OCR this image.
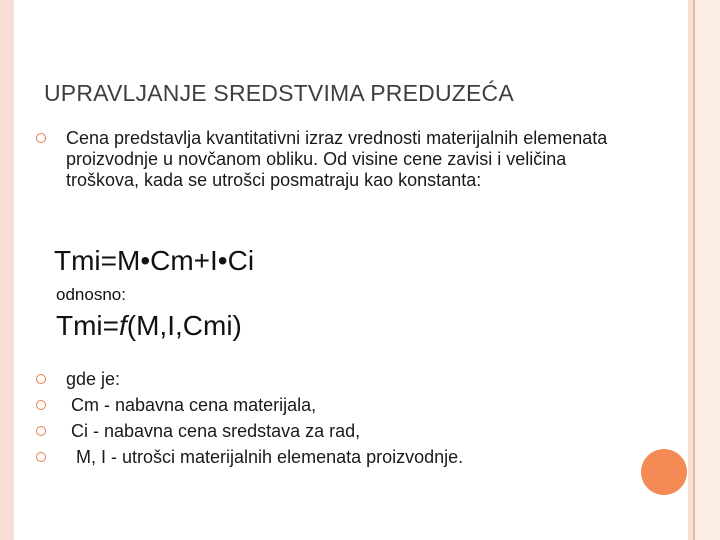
UPRAVLJANJE SREDSTVIMA PREDUZEĆA
Cena predstavlja kvantitativni izraz vrednosti materijalnih elemenata proizvodnje u novčanom obliku. Od visine cene zavisi i veličina troškova, kada se utrošci posmatraju kao konstanta:
Tmi=M•Cm+I•Ci
odnosno:
Tmi=f(M,I,Cmi)
gde je:
Cm - nabavna cena materijala,
Ci - nabavna cena sredstava za rad,
M, I - utrošci materijalnih elemenata proizvodnje.
